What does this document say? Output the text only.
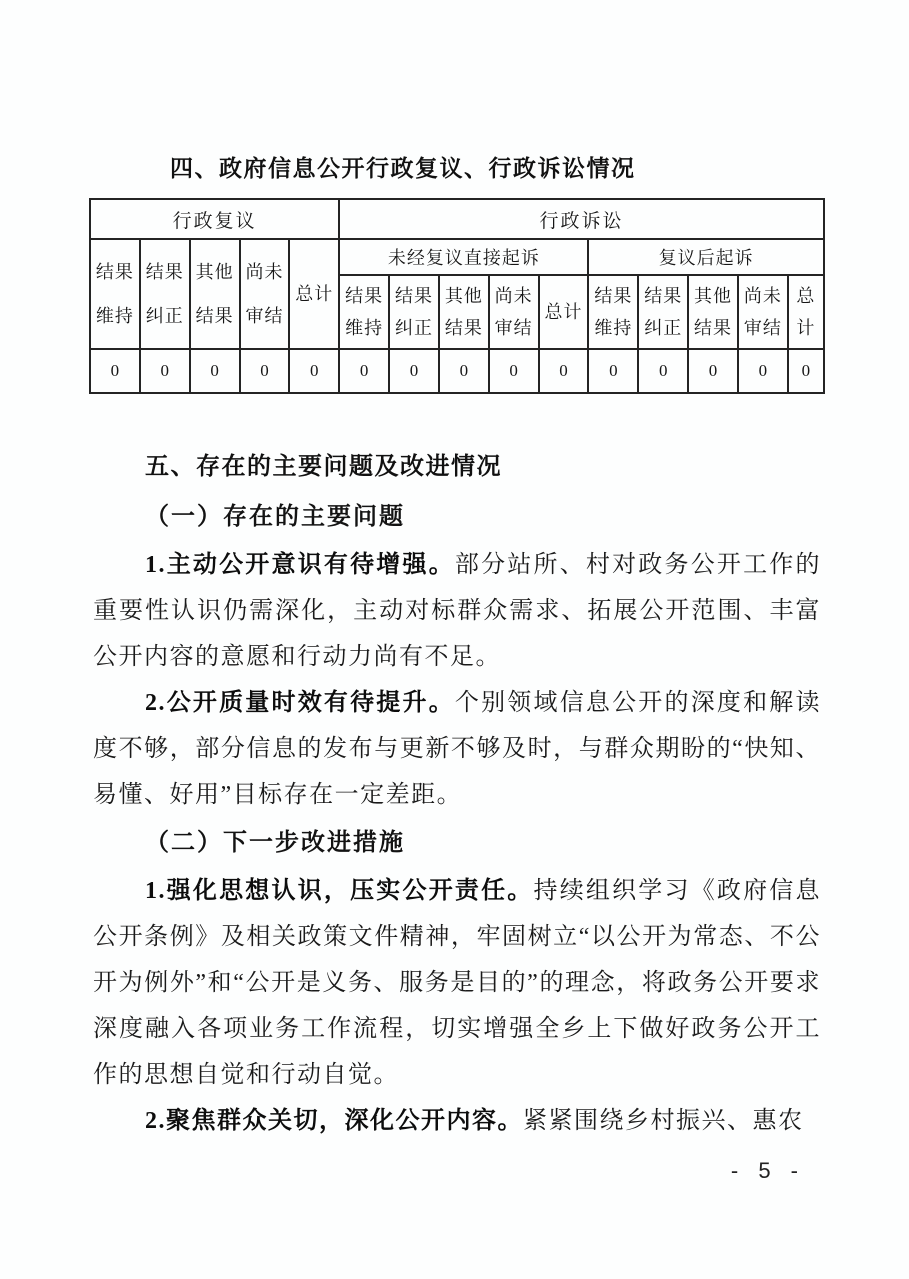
四、政府信息公开行政复议、行政诉讼情况
行政复议					行政诉讼									
结果维持	结果纠正	其他结果	尚未审结	总计	未经复议直接起诉					复议后起诉				
					结果维持	结果纠正	其他结果	尚未审结	总计	结果维持	结果纠正	其他结果	尚未审结	总计
0	0	0	0	0	0	0	0	0	0	0	0	0	0	0
五、存在的主要问题及改进情况
（一）存在的主要问题

1.主动公开意识有待增强。部分站所、村对政务公开工作的重要性认识仍需深化，主动对标群众需求、拓展公开范围、丰富公开内容的意愿和行动力尚有不足。

2.公开质量时效有待提升。个别领域信息公开的深度和解读度不够，部分信息的发布与更新不够及时，与群众期盼的“快知、易懂、好用”目标存在一定差距。

（二）下一步改进措施

1.强化思想认识，压实公开责任。持续组织学习《政府信息公开条例》及相关政策文件精神，牢固树立“以公开为常态、不公开为例外”和“公开是义务、服务是目的”的理念，将政务公开要求深度融入各项业务工作流程，切实增强全乡上下做好政务公开工作的思想自觉和行动自觉。

2.聚焦群众关切，深化公开内容。紧紧围绕乡村振兴、惠农

- 5 -
